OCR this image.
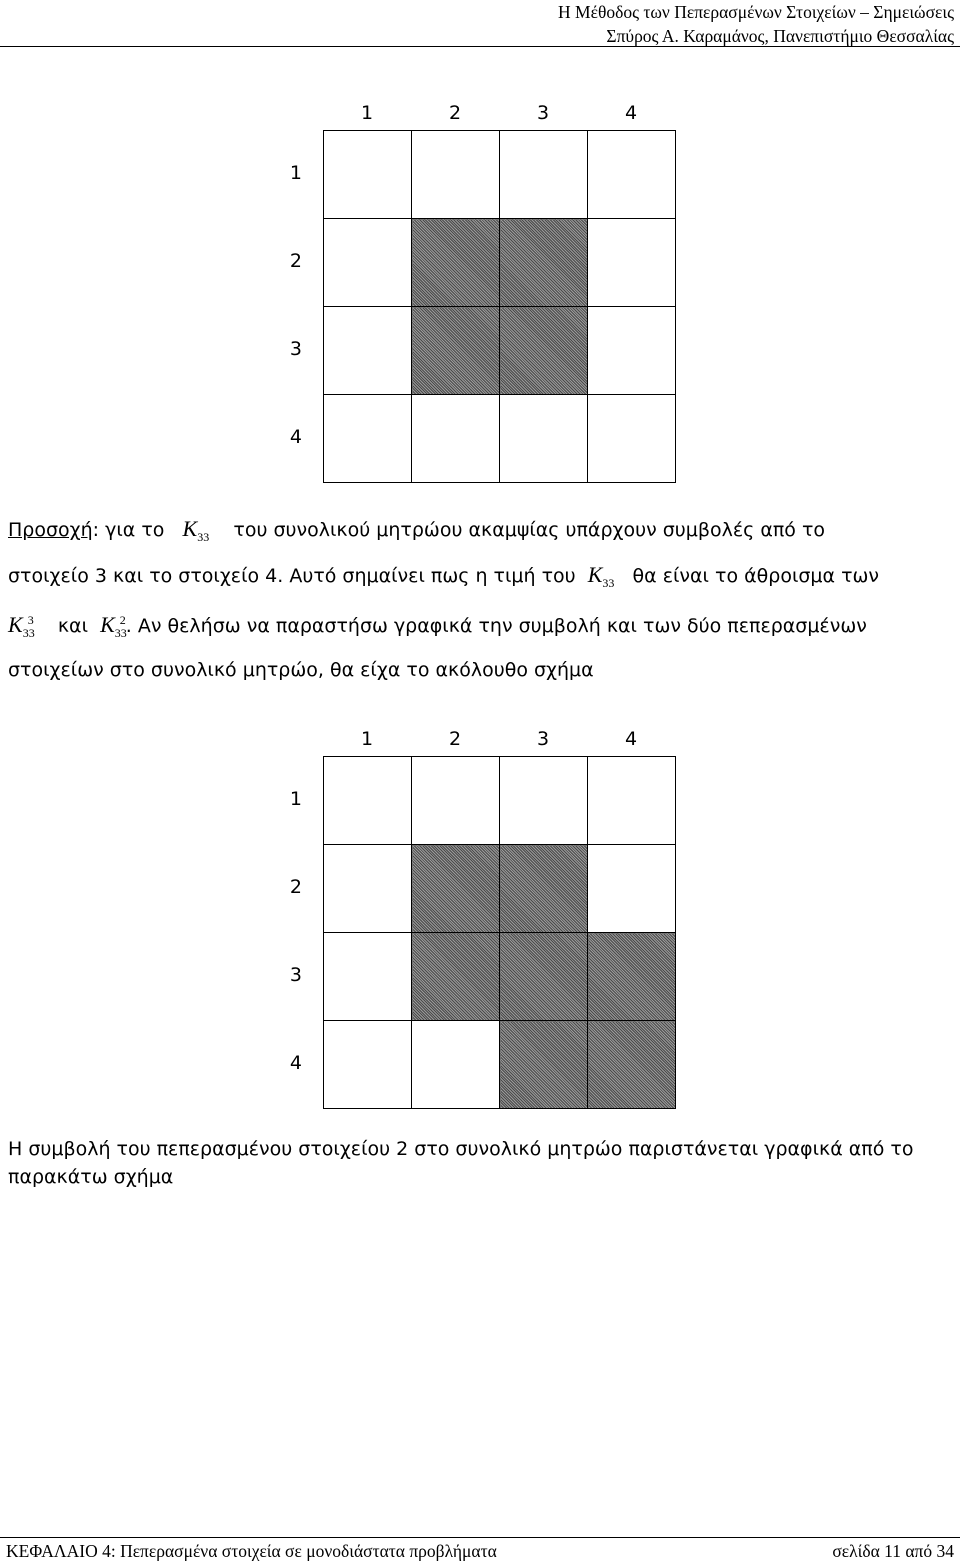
Η Μέθοδος των Πεπερασμένων Στοιχείων – Σημειώσεις
Σπύρος Α. Καραμάνος, Πανεπιστήμιο Θεσσαλίας
1	2	3	4
1
2
3
4

Προσοχή: για το $K_{33}$ του συνολικού μητρώου ακαμψίας υπάρχουν συμβολές από το
στοιχείο 3 και το στοιχείο 4. Αυτό σημαίνει πως η τιμή του $K_{33}$ θα είναι το άθροισμα των
$K_{33}^3$ και $K_{33}^2$. Αν θελήσω να παραστήσω γραφικά την συμβολή και των δύο πεπερασμένων
στοιχείων στο συνολικό μητρώο, θα είχα το ακόλουθο σχήμα
1	2	3	4
1
2
3
4

Η συμβολή του πεπερασμένου στοιχείου 2 στο συνολικό μητρώο παριστάνεται γραφικά από το παρακάτω σχήμα
ΚΕΦΑΛΑΙΟ 4: Πεπερασμένα στοιχεία σε μονοδιάστατα προβλήματα	σελίδα 11 από 34
